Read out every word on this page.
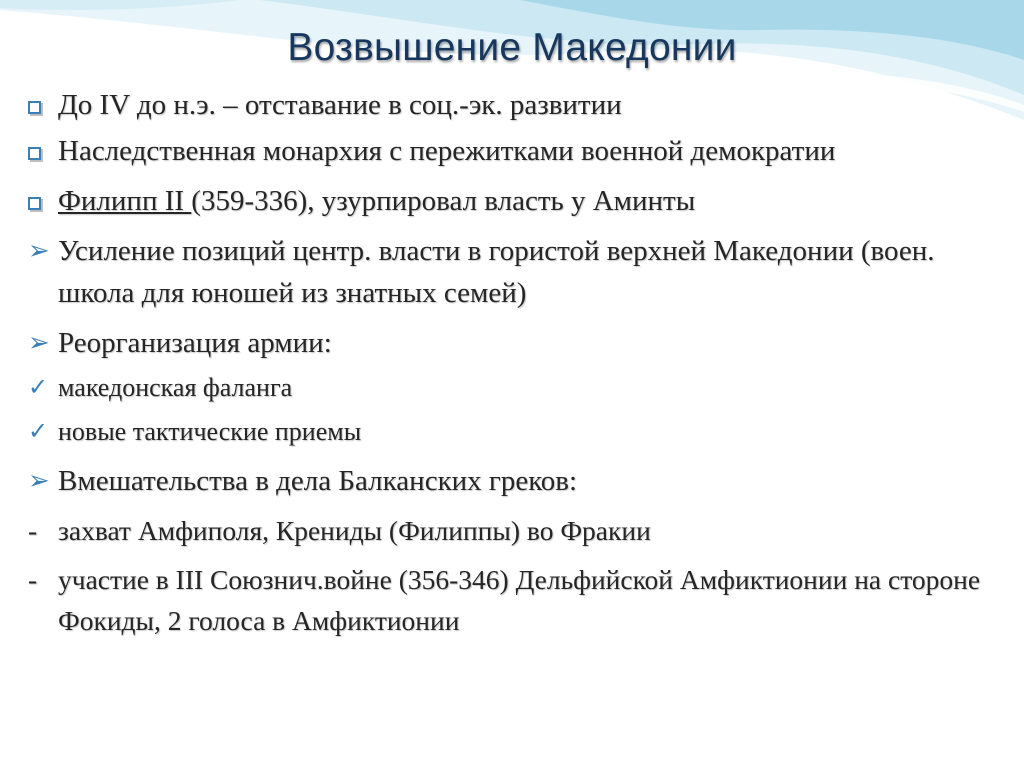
Возвышение Македонии
До IV до н.э. – отставание в соц.-эк. развитии
Наследственная монархия с пережитками военной демократии
Филипп II (359-336), узурпировал власть у Аминты
➢ Усиление позиций центр. власти в гористой верхней Македонии (воен. школа для юношей из знатных семей)
➢ Реорганизация армии:
✓ македонская фаланга
✓ новые тактические приемы
➢ Вмешательства в дела Балканских греков:
- захват Амфиполя, Крениды (Филиппы) во Фракии
- участие в III Союзнич.войне (356-346) Дельфийской Амфиктионии на стороне Фокиды, 2 голоса в Амфиктионии
